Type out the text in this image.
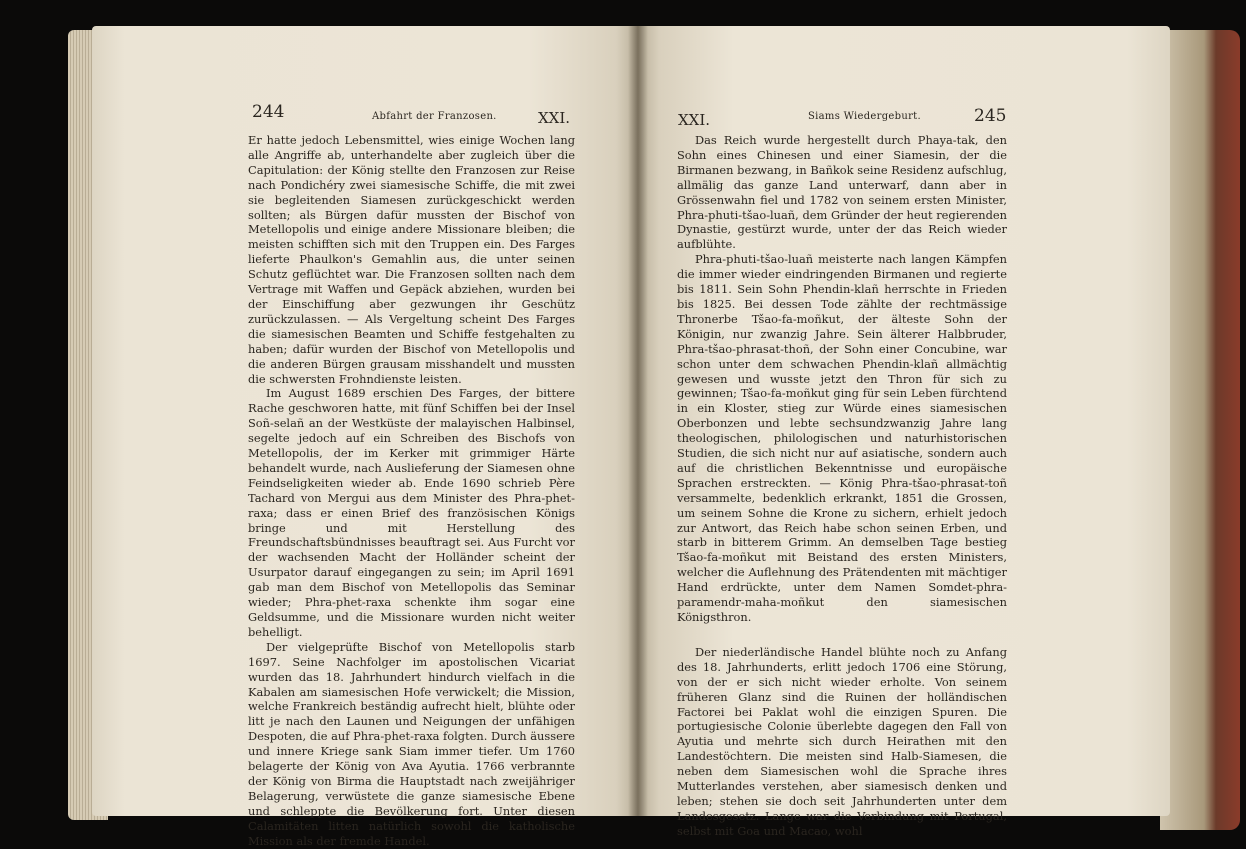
244	Abfahrt der Franzosen.	XXI.	XXI.	Siams Wiedergeburt.	245

Er hatte jedoch Lebensmittel, wies einige Wochen lang alle Angriffe ab, unterhandelte aber zugleich über die Capitulation: der König stellte den Franzosen zur Reise nach Pondichéry zwei siamesische Schiffe, die mit zwei sie begleitenden Siamesen zurückgeschickt werden sollten; als Bürgen dafür mussten der Bischof von Metellopolis und einige andere Missionare bleiben; die meisten schifften sich mit den Truppen ein. Des Farges lieferte Phaulkon's Gemahlin aus, die unter seinen Schutz geflüchtet war. Die Franzosen sollten nach dem Vertrage mit Waffen und Gepäck abziehen, wurden bei der Einschiffung aber gezwungen ihr Geschütz zurückzulassen. — Als Vergeltung scheint Des Farges die siamesischen Beamten und Schiffe festgehalten zu haben; dafür wurden der Bischof von Metellopolis und die anderen Bürgen grausam misshandelt und mussten die schwersten Frohndienste leisten.

Im August 1689 erschien Des Farges, der bittere Rache geschworen hatte, mit fünf Schiffen bei der Insel Soñ-selañ an der Westküste der malayischen Halbinsel, segelte jedoch auf ein Schreiben des Bischofs von Metellopolis, der im Kerker mit grimmiger Härte behandelt wurde, nach Auslieferung der Siamesen ohne Feindseligkeiten wieder ab. Ende 1690 schrieb Père Tachard von Mergui aus dem Minister des Phra-phet-raxa; dass er einen Brief des französischen Königs bringe und mit Herstellung des Freundschaftsbündnisses beauftragt sei. Aus Furcht vor der wachsenden Macht der Holländer scheint der Usurpator darauf eingegangen zu sein; im April 1691 gab man dem Bischof von Metellopolis das Seminar wieder; Phra-phet-raxa schenkte ihm sogar eine Geldsumme, und die Missionare wurden nicht weiter behelligt.

Der vielgeprüfte Bischof von Metellopolis starb 1697. Seine Nachfolger im apostolischen Vicariat wurden das 18. Jahrhundert hindurch vielfach in die Kabalen am siamesischen Hofe verwickelt; die Mission, welche Frankreich beständig aufrecht hielt, blühte oder litt je nach den Launen und Neigungen der unfähigen Despoten, die auf Phra-phet-raxa folgten. Durch äussere und innere Kriege sank Siam immer tiefer. Um 1760 belagerte der König von Ava Ayutia. 1766 verbrannte der König von Birma die Hauptstadt nach zweijähriger Belagerung, verwüstete die ganze siamesische Ebene und schleppte die Bevölkerung fort. Unter diesen Calamitäten litten natürlich sowohl die katholische Mission als der fremde Handel.

Das Reich wurde hergestellt durch Phaya-tak, den Sohn eines Chinesen und einer Siamesin, der die Birmanen bezwang, in Bañkok seine Residenz aufschlug, allmälig das ganze Land unterwarf, dann aber in Grössenwahn fiel und 1782 von seinem ersten Minister, Phra-phuti-tšao-luañ, dem Gründer der heut regierenden Dynastie, gestürzt wurde, unter der das Reich wieder aufblühte.

Phra-phuti-tšao-luañ meisterte nach langen Kämpfen die immer wieder eindringenden Birmanen und regierte bis 1811. Sein Sohn Phendin-klañ herrschte in Frieden bis 1825. Bei dessen Tode zählte der rechtmässige Thronerbe Tšao-fa-moñkut, der älteste Sohn der Königin, nur zwanzig Jahre. Sein älterer Halbbruder, Phra-tšao-phrasat-thoñ, der Sohn einer Concubine, war schon unter dem schwachen Phendin-klañ allmächtig gewesen und wusste jetzt den Thron für sich zu gewinnen; Tšao-fa-moñkut ging für sein Leben fürchtend in ein Kloster, stieg zur Würde eines siamesischen Oberbonzen und lebte sechsundzwanzig Jahre lang theologischen, philologischen und naturhistorischen Studien, die sich nicht nur auf asiatische, sondern auch auf die christlichen Bekenntnisse und europäische Sprachen erstreckten. — König Phra-tšao-phrasat-toñ versammelte, bedenklich erkrankt, 1851 die Grossen, um seinem Sohne die Krone zu sichern, erhielt jedoch zur Antwort, das Reich habe schon seinen Erben, und starb in bitterem Grimm. An demselben Tage bestieg Tšao-fa-moñkut mit Beistand des ersten Ministers, welcher die Auflehnung des Prätendenten mit mächtiger Hand erdrückte, unter dem Namen Somdet-phra-paramendr-maha-moñkut den siamesischen Königsthron.

Der niederländische Handel blühte noch zu Anfang des 18. Jahrhunderts, erlitt jedoch 1706 eine Störung, von der er sich nicht wieder erholte. Von seinem früheren Glanz sind die Ruinen der holländischen Factorei bei Paklat wohl die einzigen Spuren. Die portugiesische Colonie überlebte dagegen den Fall von Ayutia und mehrte sich durch Heirathen mit den Landestöchtern. Die meisten sind Halb-Siamesen, die neben dem Siamesischen wohl die Sprache ihres Mutterlandes verstehen, aber siamesisch denken und leben; stehen sie doch seit Jahrhunderten unter dem Landesgesetz. Lange war die Verbindung mit Portugal, selbst mit Goa und Macao, wohl
